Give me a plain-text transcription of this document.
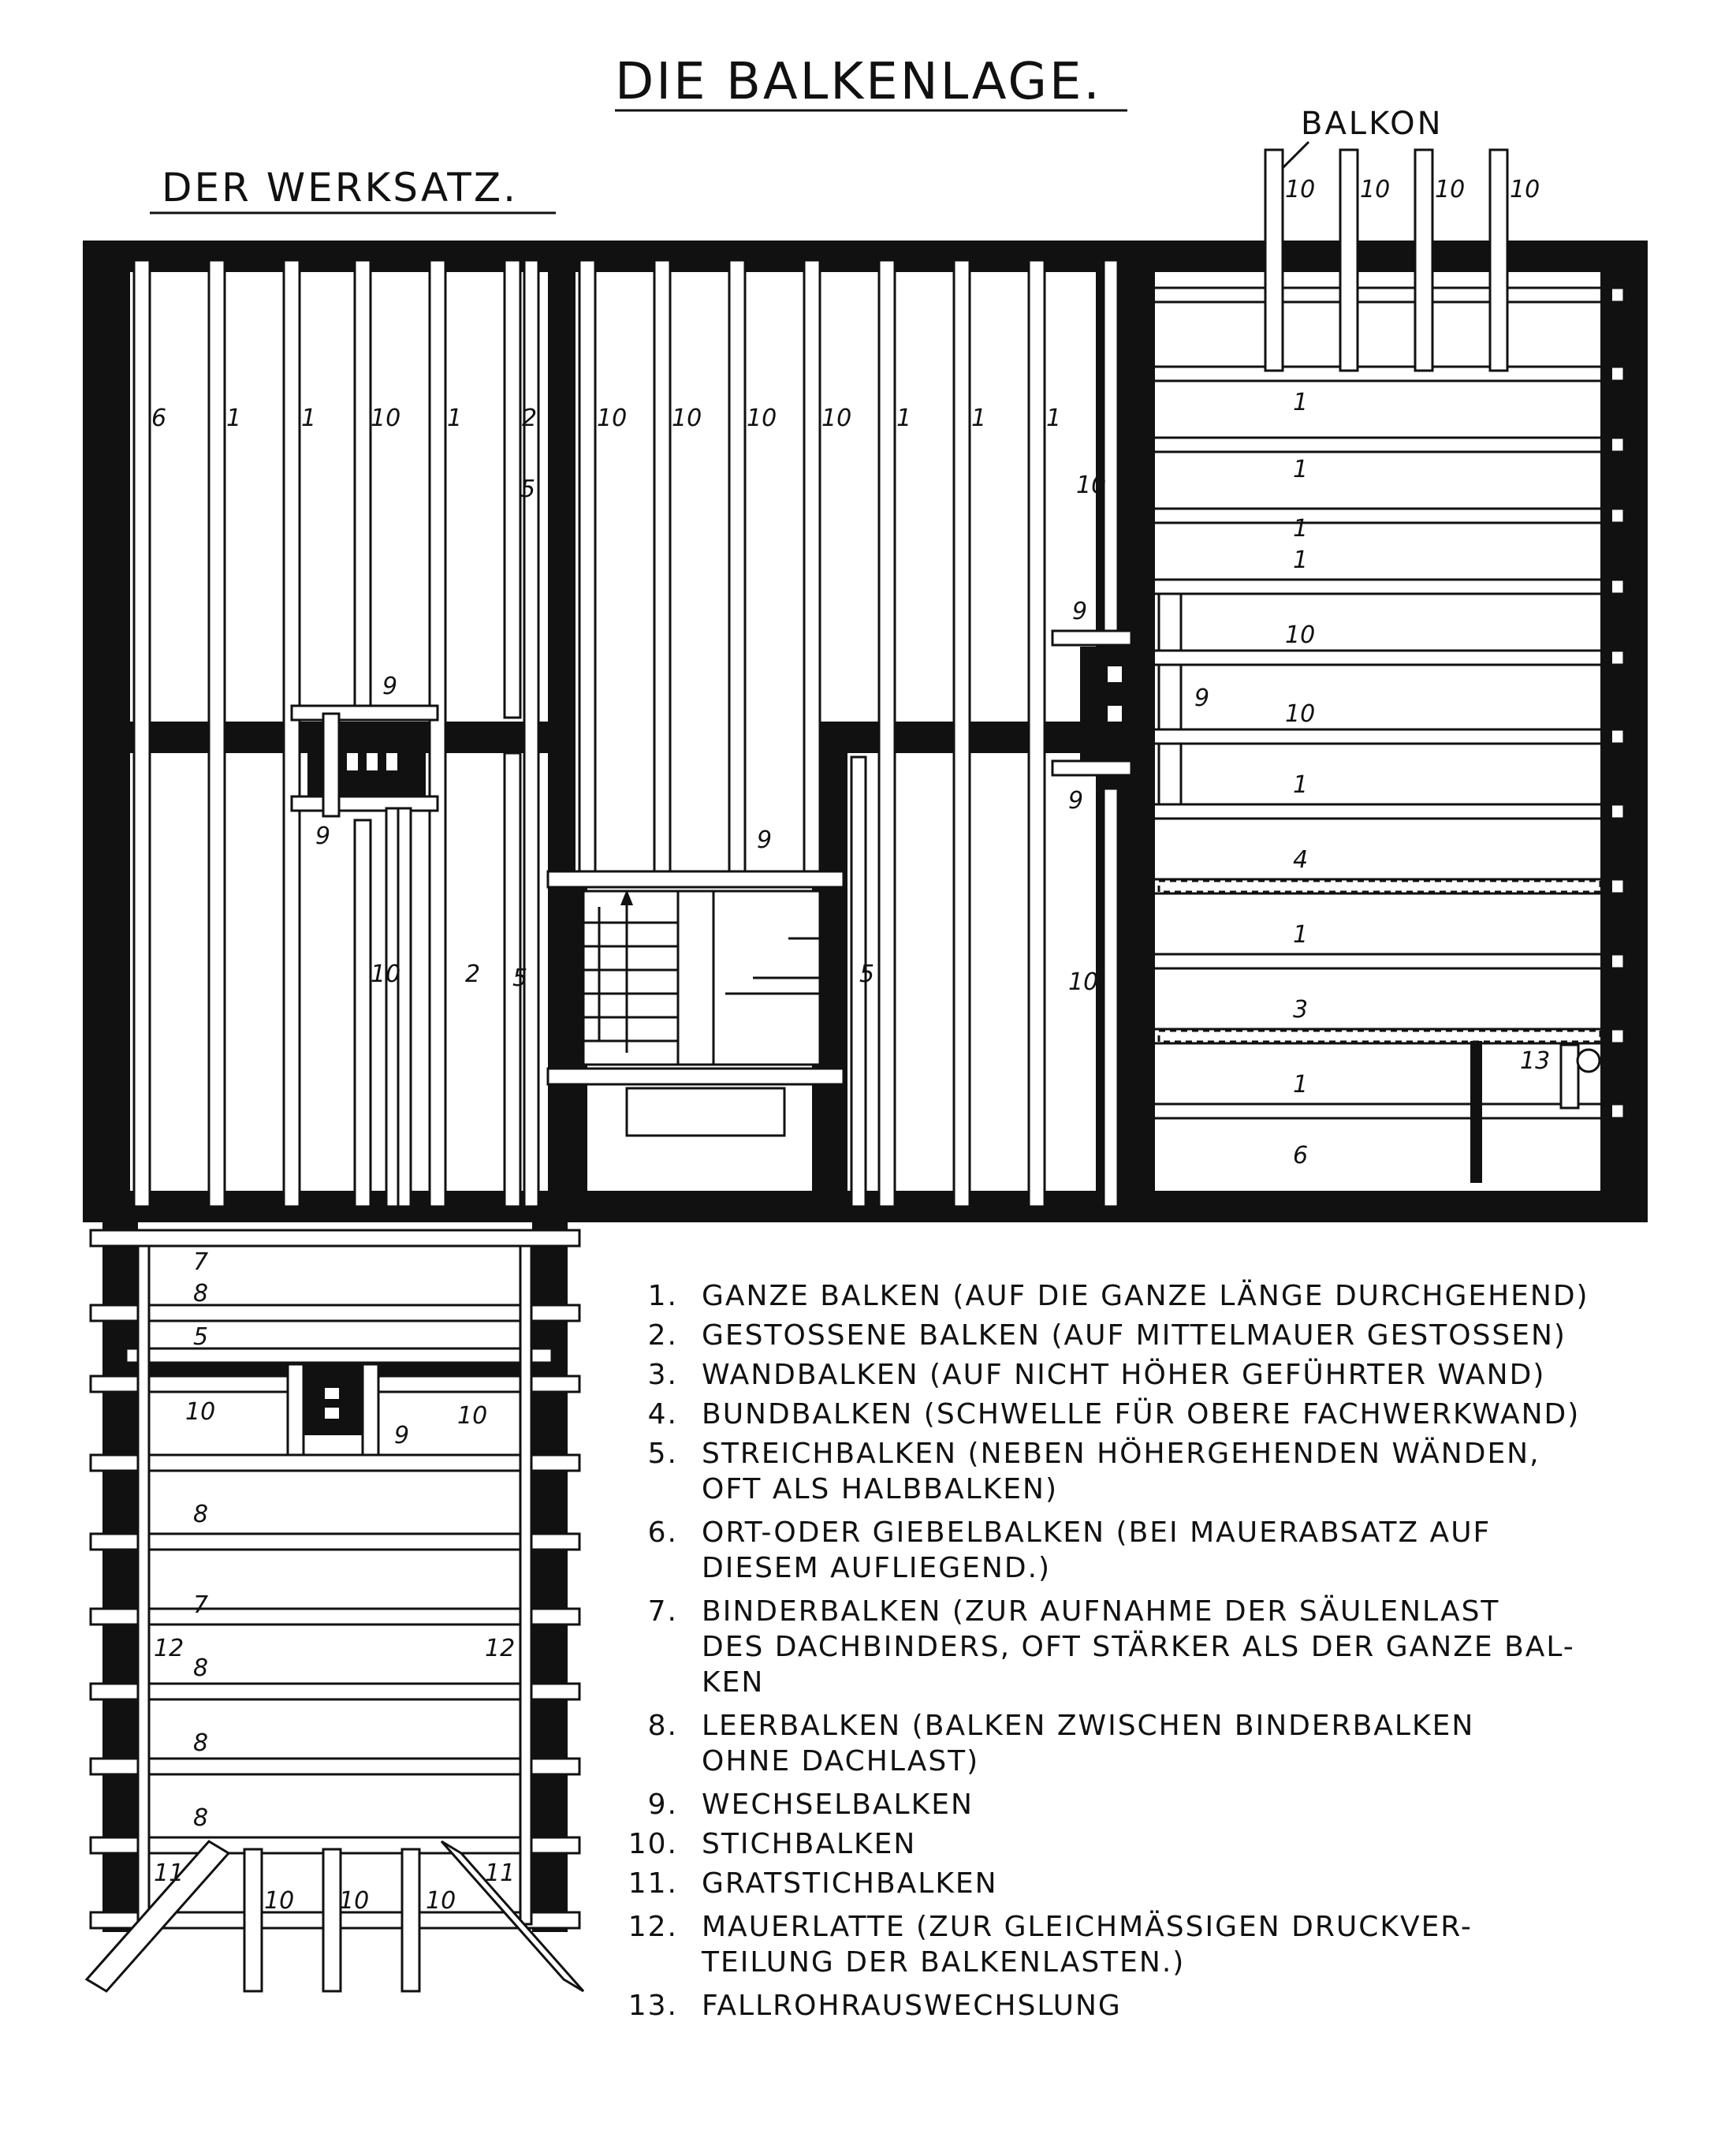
DIE BALKENLAGE.
DER WERKSATZ.
BALKON
10 10 10 10
6	1	1 10 1	2	10 10 10 10 1	1	1
9
9
10	2 5
5
9
5
10
10
9
9
9
1
1
1
1
10
10
1
4
1
3
1
6
13
7
8
5
10	10
9
8
7
12	12
8
8
8
11	11
10 10 10
1. GANZE BALKEN (AUF DIE GANZE LÄNGE DURCHGEHEND)
2. GESTOSSENE BALKEN (AUF MITTELMAUER GESTOSSEN)
3. WANDBALKEN (AUF NICHT HÖHER GEFÜHRTER WAND)
4. BUNDBALKEN (SCHWELLE FÜR OBERE FACHWERKWAND)
5. STREICHBALKEN (NEBEN HÖHERGEHENDEN WÄNDEN,
OFT ALS HALBBALKEN)
6. ORT-ODER GIEBELBALKEN (BEI MAUERABSATZ AUF
DIESEM AUFLIEGEND.)
7. BINDERBALKEN (ZUR AUFNAHME DER SÄULENLAST
DES DACHBINDERS, OFT STÄRKER ALS DER GANZE BAL-
KEN
8. LEERBALKEN (BALKEN ZWISCHEN BINDERBALKEN
OHNE DACHLAST)
9. WECHSELBALKEN
10. STICHBALKEN
11. GRATSTICHBALKEN
12. MAUERLATTE (ZUR GLEICHMÄSSIGEN DRUCKVER-
TEILUNG DER BALKENLASTEN.)
13. FALLROHRAUSWECHSLUNG
